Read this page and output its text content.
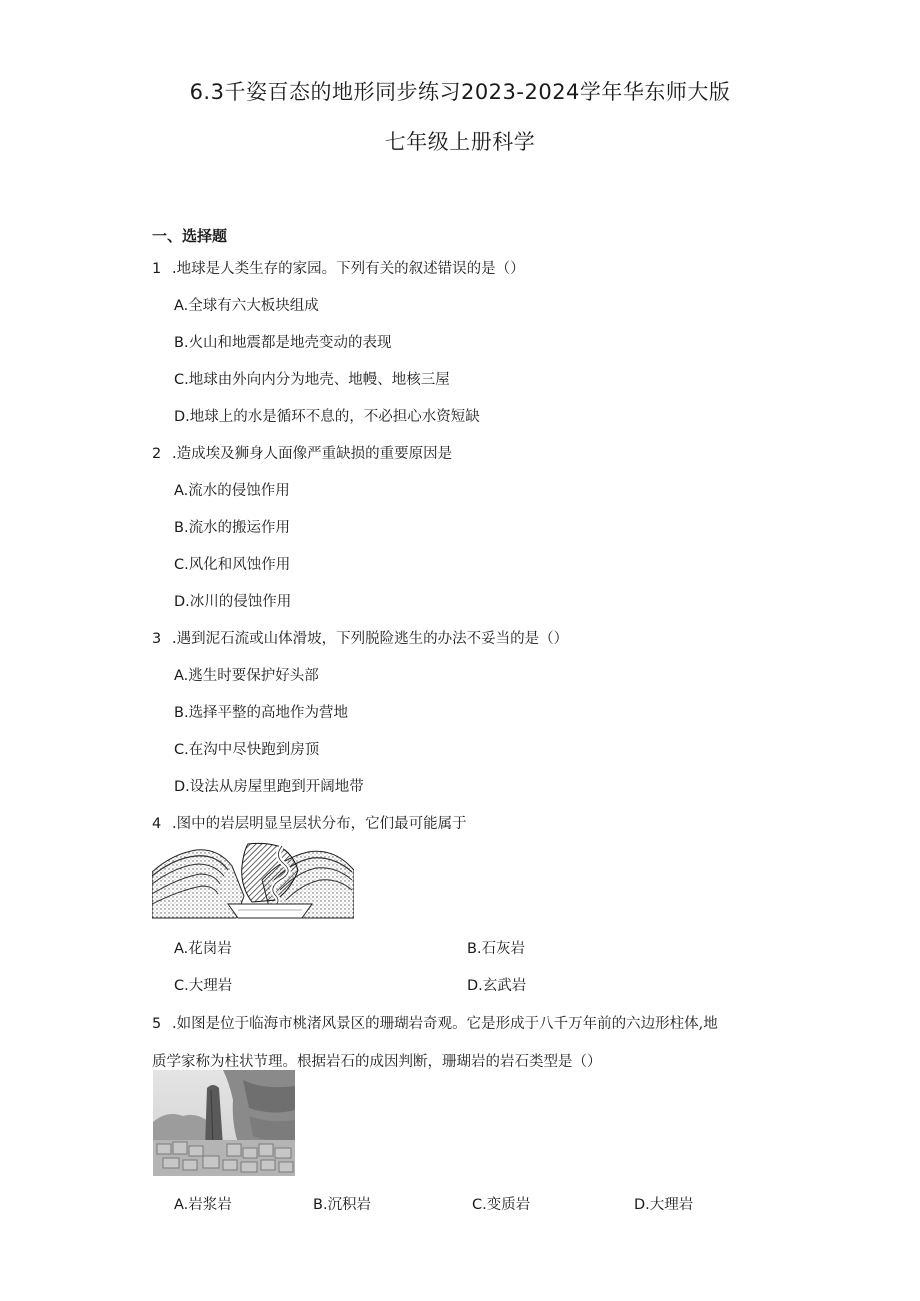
6.3千姿百态的地形同步练习2023-2024学年华东师大版
七年级上册科学
一、选择题
1 .地球是人类生存的家园。下列有关的叙述错误的是（）
A.全球有六大板块组成
B.火山和地震都是地壳变动的表现
C.地球由外向内分为地壳、地幔、地核三屋
D.地球上的水是循环不息的，不必担心水资短缺
2 .造成埃及狮身人面像严重缺损的重要原因是
A.流水的侵蚀作用
B.流水的搬运作用
C.风化和风蚀作用
D.冰川的侵蚀作用
3 .遇到泥石流或山体滑坡，下列脱险逃生的办法不妥当的是（）
A.逃生时要保护好头部
B.选择平整的高地作为营地
C.在沟中尽快跑到房顶
D.设法从房屋里跑到开阔地带
4 .图中的岩层明显呈层状分布，它们最可能属于
A.花岗岩	B.石灰岩
C.大理岩	D.玄武岩
5 .如图是位于临海市桃渚风景区的珊瑚岩奇观。它是形成于八千万年前的六边形柱体,地
质学家称为柱状节理。根据岩石的成因判断，珊瑚岩的岩石类型是（）
A.岩浆岩	B.沉积岩	C.变质岩	D.大理岩
